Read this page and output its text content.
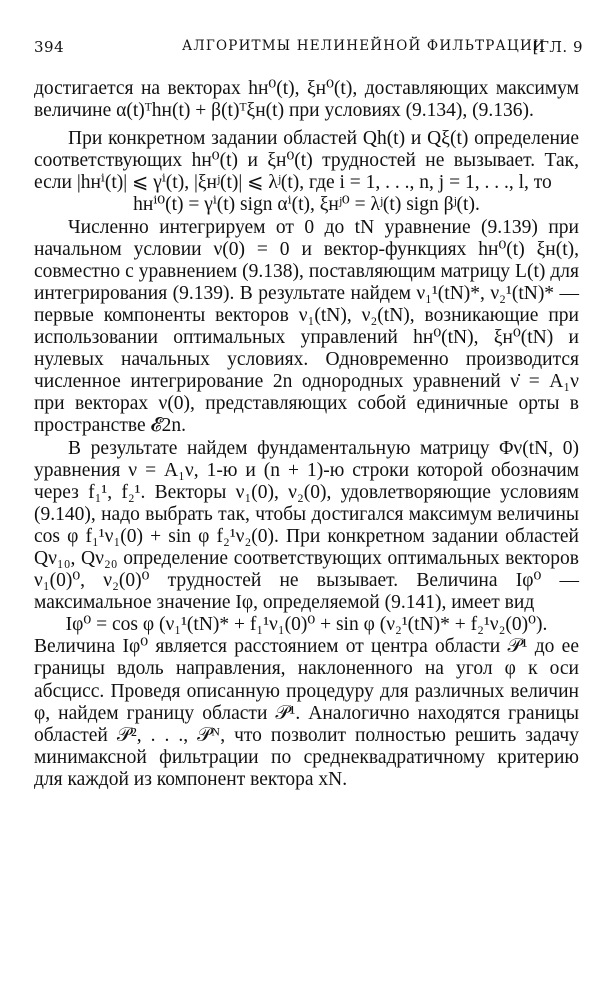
394	АЛГОРИТМЫ НЕЛИНЕЙНОЙ ФИЛЬТРАЦИИ
[ГЛ. 9

достигается на векторах hн⁰(t), ξн⁰(t), доставляющих максимум величине α(t)ᵀhн(t) + β(t)ᵀξн(t) при условиях (9.134), (9.136).

При конкретном задании областей Qh(t) и Qξ(t) определение соответствующих hн⁰(t) и ξн⁰(t) трудностей не вызывает. Так, если |hнⁱ(t)| ⩽ γⁱ(t), |ξнʲ(t)| ⩽ λʲ(t), где i = 1, . . ., n, j = 1, . . ., l, то

hнⁱ⁰(t) = γⁱ(t) sign αⁱ(t), ξнʲ⁰ = λʲ(t) sign βʲ(t).

Численно интегрируем от 0 до tN уравнение (9.139) при начальном условии ν(0) = 0 и вектор-функциях hн⁰(t) ξн(t), совместно с уравнением (9.138), поставляющим матрицу L(t) для интегрирования (9.139). В результате найдем ν₁¹(tN)*, ν₂¹(tN)* — первые компоненты векторов ν₁(tN), ν₂(tN), возникающие при использовании оптимальных управлений hн⁰(tN), ξн⁰(tN) и нулевых начальных условиях. Одновременно производится численное интегрирование 2n однородных уравнений ν̇ = A₁ν при векторах ν(0), представляющих собой единичные орты в пространстве 𝓔2n.

В результате найдем фундаментальную матрицу Φν(tN, 0) уравнения ν = A₁ν, 1-ю и (n + 1)-ю строки которой обозначим через f₁¹, f₂¹. Векторы ν₁(0), ν₂(0), удовлетворяющие условиям (9.140), надо выбрать так, чтобы достигался максимум величины cos φ f₁¹ν₁(0) + sin φ f₂¹ν₂(0). При конкретном задании областей Qν₁₀, Qν₂₀ определение соответствующих оптимальных векторов ν₁(0)⁰, ν₂(0)⁰ трудностей не вызывает. Величина Iφ⁰ — максимальное значение Iφ, определяемой (9.141), имеет вид

Iφ⁰ = cos φ (ν₁¹(tN)* + f₁¹ν₁(0)⁰ + sin φ (ν₂¹(tN)* + f₂¹ν₂(0)⁰).

Величина Iφ⁰ является расстоянием от центра области 𝒫¹ до ее границы вдоль направления, наклоненного на угол φ к оси абсцисс. Проведя описанную процедуру для различных величин φ, найдем границу области 𝒫¹. Аналогично находятся границы областей 𝒫², . . ., 𝒫ᴺ, что позволит полностью решить задачу минимаксной фильтрации по среднеквадратичному критерию для каждой из компонент вектора xN.
